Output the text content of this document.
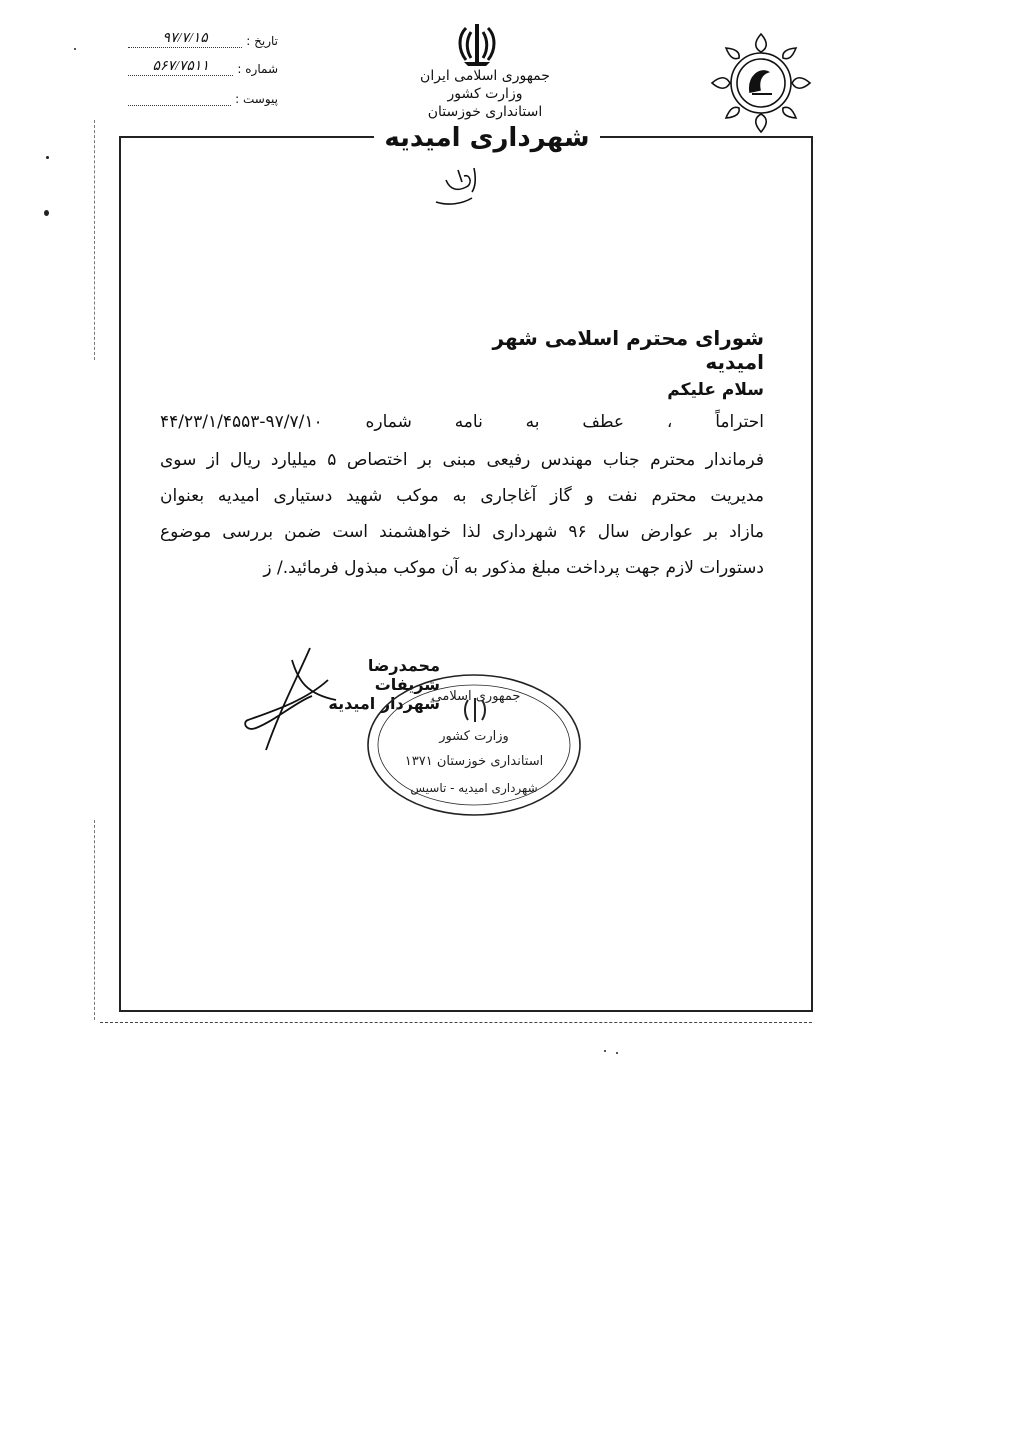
تاریخ :
۹۷/۷/۱۵
شماره :
۵۶۷/۷۵۱۱
پیوست :
جمهوری اسلامی ایران
وزارت کشور
استانداری خوزستان
شهرداری امیدیه
شورای محترم اسلامی شهر امیدیه
سلام علیکم
احتراماً ، عطف به نامه شماره ۹۷/۷/۱۰-۴۴/۲۳/۱/۴۵۵۳
فرماندار محترم جناب مهندس رفیعی مبنی بر اختصاص ۵ میلیارد ریال از سوی
مدیریت محترم نفت و گاز آغاجاری به موکب شهید دستیاری امیدیه بعنوان
مازاد بر عوارض سال ۹۶ شهرداری لذا خواهشمند است ضمن بررسی موضوع
دستورات لازم جهت پرداخت مبلغ مذکور به آن موکب مبذول فرمائید./ ز
محمدرضا شریفات
شهردار امیدیه
جمهوری اسلامی
وزارت کشور
استانداری خوزستان ۱۳۷۱
شهرداری امیدیه - تاسیس
